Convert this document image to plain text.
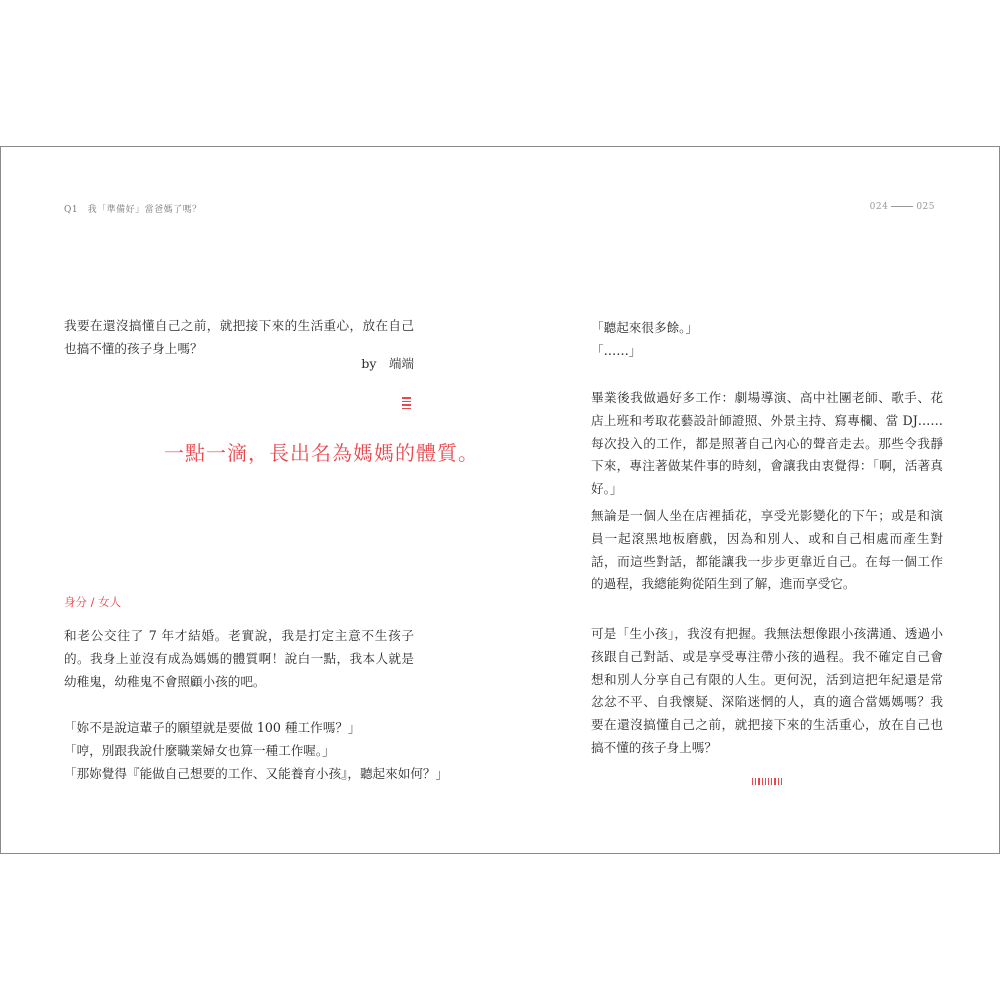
Q1　我「準備好」當爸媽了嗎？	024	025

我要在還沒搞懂自己之前，就把接下來的生活重心，放在自己也搞不懂的孩子身上嗎？

by　端端
一點一滴，長出名為媽媽的體質。
身分 / 女人

和老公交往了 7 年才結婚。老實說，我是打定主意不生孩子的。我身上並沒有成為媽媽的體質啊！說白一點，我本人就是幼稚鬼，幼稚鬼不會照顧小孩的吧。

「妳不是說這輩子的願望就是要做 100 種工作嗎？」

「哼，別跟我說什麼職業婦女也算一種工作喔。」

「那妳覺得『能做自己想要的工作、又能養育小孩』，聽起來如何？」

「聽起來很多餘。」

「……」

畢業後我做過好多工作：劇場導演、高中社團老師、歌手、花店上班和考取花藝設計師證照、外景主持、寫專欄、當 DJ……每次投入的工作，都是照著自己內心的聲音走去。那些令我靜下來，專注著做某件事的時刻，會讓我由衷覺得：「啊，活著真好。」

無論是一個人坐在店裡插花，享受光影變化的下午；或是和演員一起滾黑地板磨戲，因為和別人、或和自己相處而產生對話，而這些對話，都能讓我一步步更靠近自己。在每一個工作的過程，我總能夠從陌生到了解，進而享受它。

可是「生小孩」，我沒有把握。我無法想像跟小孩溝通、透過小孩跟自己對話、或是享受專注帶小孩的過程。我不確定自己會想和別人分享自己有限的人生。更何況，活到這把年紀還是常忿忿不平、自我懷疑、深陷迷惘的人，真的適合當媽媽嗎？我要在還沒搞懂自己之前，就把接下來的生活重心，放在自己也搞不懂的孩子身上嗎？
